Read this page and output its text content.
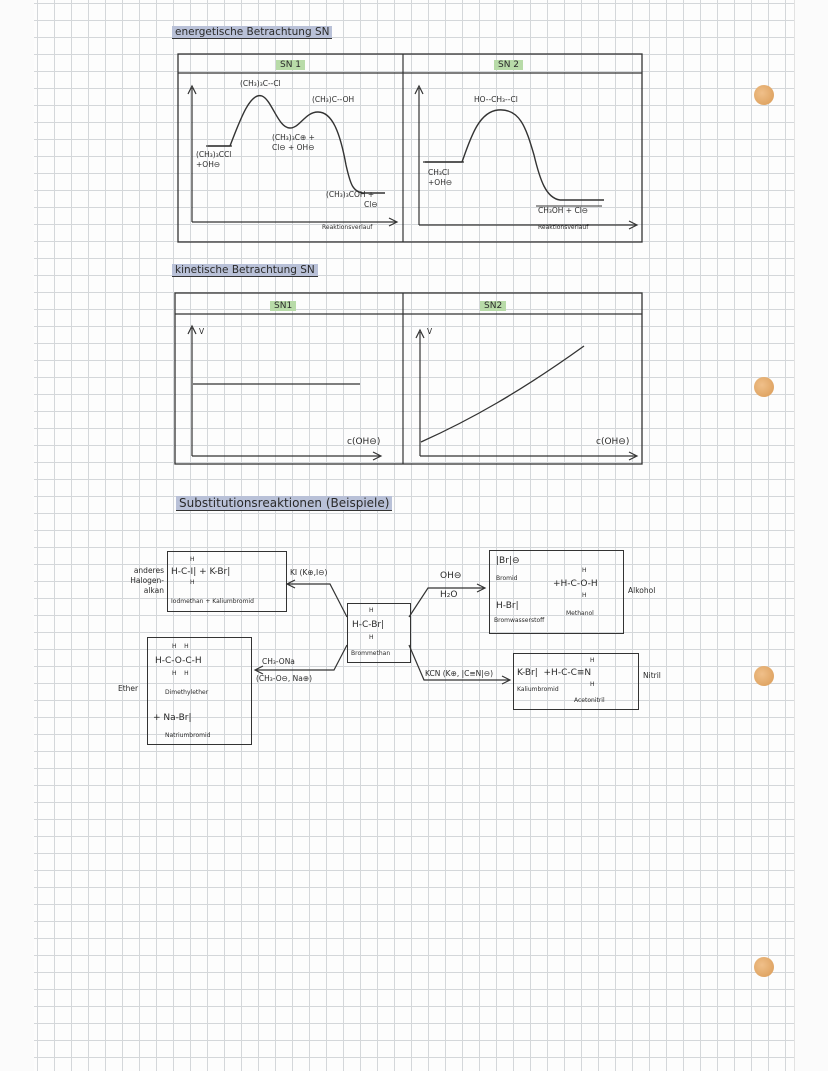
energetische Betrachtung SN
SN 1	SN 2
(CH₃)₃C--Cl
(CH₃)C--OH
(CH₃)₃CCl
+OH⊖
(CH₃)₃C⊕ +
Cl⊖ + OH⊖
(CH₃)₃COH +
Cl⊖
Reaktionsverlauf
HO--CH₃--Cl
CH₃Cl
+OH⊖
CH₃OH + Cl⊖
Reaktionsverlauf
kinetische Betrachtung SN
SN1	SN2
V	V
c(OH⊖)	c(OH⊖)
Substitutionsreaktionen (Beispiele)
anderes
Halogen-
alkan
H
H-C-I| + K-Br|
H
Iodmethan + Kaliumbromid
KI (K⊕,I⊖)
H
H-C-Br|
H
Brommethan
OH⊖
H₂O
|Br|⊖
Bromid
H-Br|
Bromwasserstoff
H
+H-C-O-H
H
Methanol
Alkohol
Ether
H    H
H-C-O-C-H
H    H
Dimethylether
+ Na-Br|
Natriumbromid
CH₃-ONa
(CH₃-O⊖, Na⊕)
KCN (K⊕, |C≡N|⊖)
H
K-Br|  +H-C-C≡N
H
Kaliumbromid
Acetonitril
Nitril
